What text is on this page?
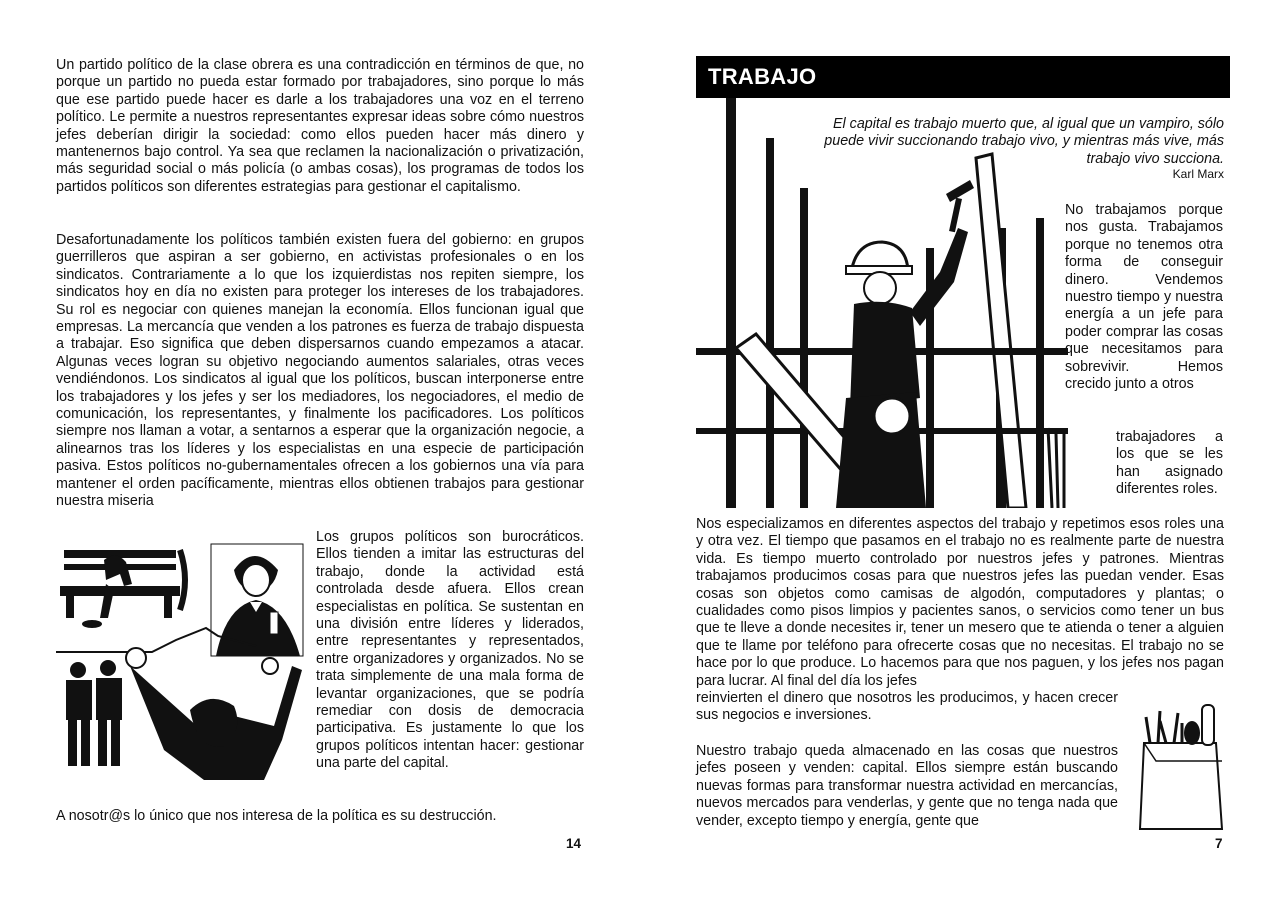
Un partido político de la clase obrera es una contradicción en términos de que, no porque un partido no pueda estar formado por trabajadores, sino porque lo más que ese partido puede hacer es darle a los trabajadores una voz en el terreno político. Le permite a nuestros representantes expresar ideas sobre cómo nuestros jefes deberían dirigir la sociedad: como ellos pueden hacer más dinero y mantenernos bajo control. Ya sea que reclamen la nacionalización o privatización, más seguridad social o más policía (o ambas cosas), los programas de todos los partidos políticos son diferentes estrategias para gestionar el capitalismo.

Desafortunadamente los políticos también existen fuera del gobierno: en grupos guerrilleros que aspiran a ser gobierno, en activistas profesionales o en los sindicatos. Contrariamente a lo que los izquierdistas nos repiten siempre, los sindicatos hoy en día no existen para proteger los intereses de los trabajadores. Su rol es negociar con quienes manejan la economía. Ellos funcionan igual que empresas. La mercancía que venden a los patrones es fuerza de trabajo dispuesta a trabajar. Eso significa que deben dispersarnos cuando empezamos a atacar. Algunas veces logran su objetivo negociando aumentos salariales, otras veces vendiéndonos. Los sindicatos al igual que los políticos, buscan interponerse entre los trabajadores y los jefes y ser los mediadores, los negociadores, el medio de comunicación, los representantes, y finalmente los pacificadores. Los políticos siempre nos llaman a votar, a sentarnos a esperar que la organización negocie, a alinearnos tras los líderes y los especialistas en una especie de participación pasiva. Estos políticos no-gubernamentales ofrecen a los gobiernos una vía para mantener el orden pacíficamente, mientras ellos obtienen trabajos para gestionar nuestra miseria

Los grupos políticos son burocráticos. Ellos tienden a imitar las estructuras del trabajo, donde la actividad está controlada desde afuera. Ellos crean especialistas en política. Se sustentan en una división entre líderes y liderados, entre representantes y representados, entre organizadores y organizados. No se trata simplemente de una mala forma de levantar organizaciones, que se podría remediar con dosis de democracia participativa. Es justamente lo que los grupos políticos intentan hacer: gestionar una parte del capital.

A nosotr@s lo único que nos interesa de la política es su destrucción.

14
TRABAJO

El capital es trabajo muerto que, al igual que un vampiro, sólo puede vivir succionando trabajo vivo, y mientras más vive, más trabajo vivo succiona.

Karl Marx

No trabajamos porque nos gusta. Trabajamos porque no tenemos otra forma de conseguir dinero. Vendemos nuestro tiempo y nuestra energía a un jefe para poder comprar las cosas que necesitamos para sobrevivir. Hemos crecido junto a otros

trabajadores a los que se les han asignado diferentes roles.

Nos especializamos en diferentes aspectos del trabajo y repetimos esos roles una y otra vez. El tiempo que pasamos en el trabajo no es realmente parte de nuestra vida. Es tiempo muerto controlado por nuestros jefes y patrones. Mientras trabajamos producimos cosas para que nuestros jefes las puedan vender. Esas cosas son objetos como camisas de algodón, computadores y plantas; o cualidades como pisos limpios y pacientes sanos, o servicios como tener un bus que te lleve a donde necesites ir, tener un mesero que te atienda o tener a alguien que te llame por teléfono para ofrecerte cosas que no necesitas. El trabajo no se hace por lo que produce. Lo hacemos para que nos paguen, y los jefes nos pagan para lucrar. Al final del día los jefes

reinvierten el dinero que nosotros les producimos, y hacen crecer sus negocios e inversiones.

Nuestro trabajo queda almacenado en las cosas que nuestros jefes poseen y venden: capital. Ellos siempre están buscando nuevas formas para transformar nuestra actividad en mercancías, nuevos mercados para venderlas, y gente que no tenga nada que vender, excepto tiempo y energía, gente que

7
